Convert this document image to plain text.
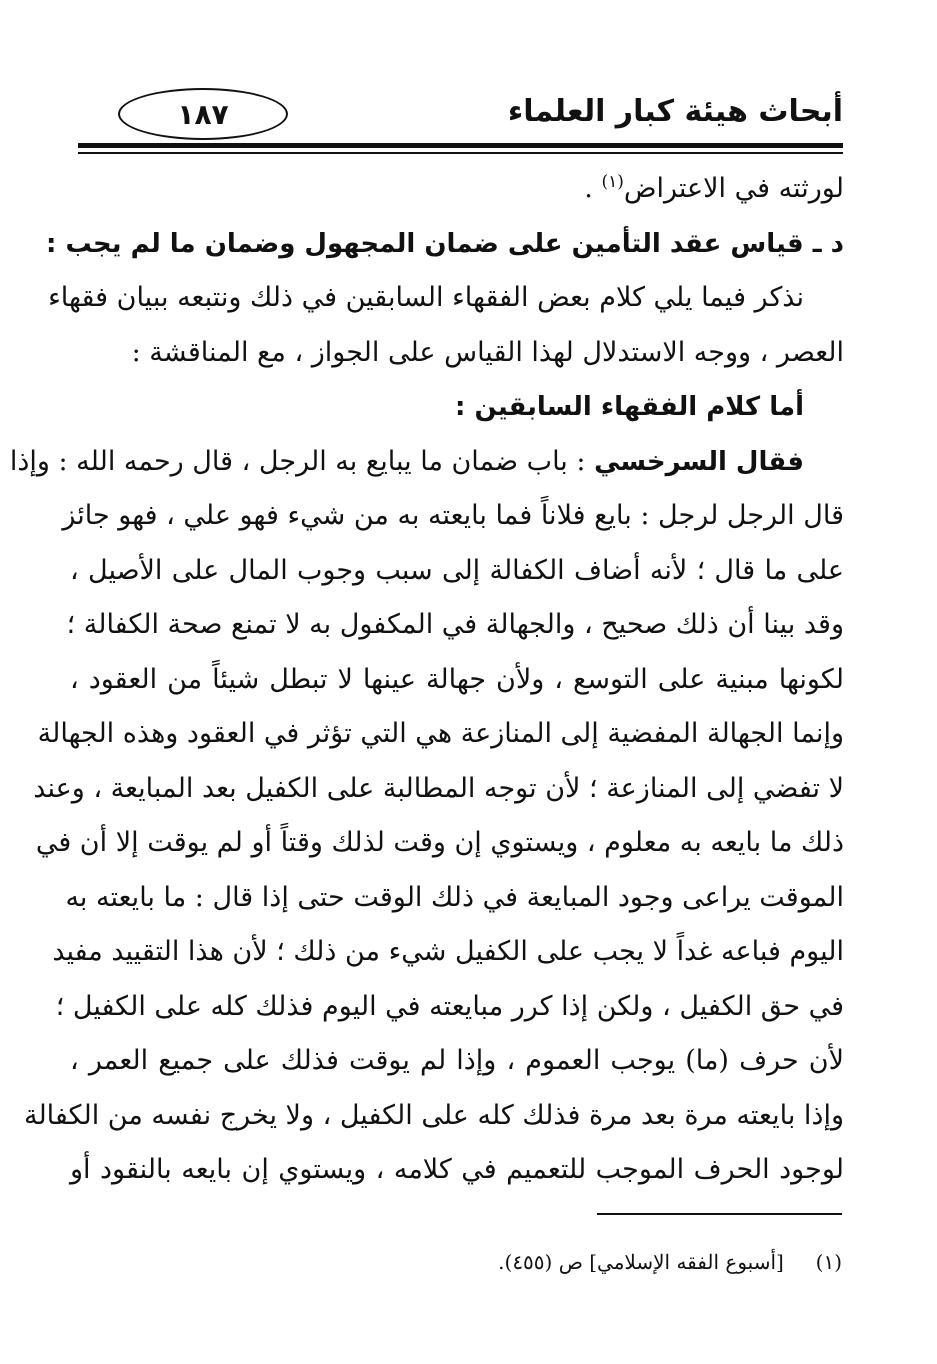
أبحاث هيئة كبار العلماء
١٨٧
لورثته في الاعتراض$^{(١)}$ .
د ـ قياس عقد التأمين على ضمان المجهول وضمان ما لم يجب :
نذكر فيما يلي كلام بعض الفقهاء السابقين في ذلك ونتبعه ببيان فقهاء
العصر ، ووجه الاستدلال لهذا القياس على الجواز ، مع المناقشة :
أما كلام الفقهاء السابقين :
فقال السرخسي : باب ضمان ما يبايع به الرجل ، قال رحمه الله : وإذا
قال الرجل لرجل : بايع فلاناً فما بايعته به من شيء فهو علي ، فهو جائز
على ما قال ؛ لأنه أضاف الكفالة إلى سبب وجوب المال على الأصيل ،
وقد بينا أن ذلك صحيح ، والجهالة في المكفول به لا تمنع صحة الكفالة ؛
لكونها مبنية على التوسع ، ولأن جهالة عينها لا تبطل شيئاً من العقود ،
وإنما الجهالة المفضية إلى المنازعة هي التي تؤثر في العقود وهذه الجهالة
لا تفضي إلى المنازعة ؛ لأن توجه المطالبة على الكفيل بعد المبايعة ، وعند
ذلك ما بايعه به معلوم ، ويستوي إن وقت لذلك وقتاً أو لم يوقت إلا أن في
الموقت يراعى وجود المبايعة في ذلك الوقت حتى إذا قال : ما بايعته به
اليوم فباعه غداً لا يجب على الكفيل شيء من ذلك ؛ لأن هذا التقييد مفيد
في حق الكفيل ، ولكن إذا كرر مبايعته في اليوم فذلك كله على الكفيل ؛
لأن حرف (ما) يوجب العموم ، وإذا لم يوقت فذلك على جميع العمر ،
وإذا بايعته مرة بعد مرة فذلك كله على الكفيل ، ولا يخرج نفسه من الكفالة
لوجود الحرف الموجب للتعميم في كلامه ، ويستوي إن بايعه بالنقود أو
(١)     [أسبوع الفقه الإسلامي] ص (٤٥٥).
